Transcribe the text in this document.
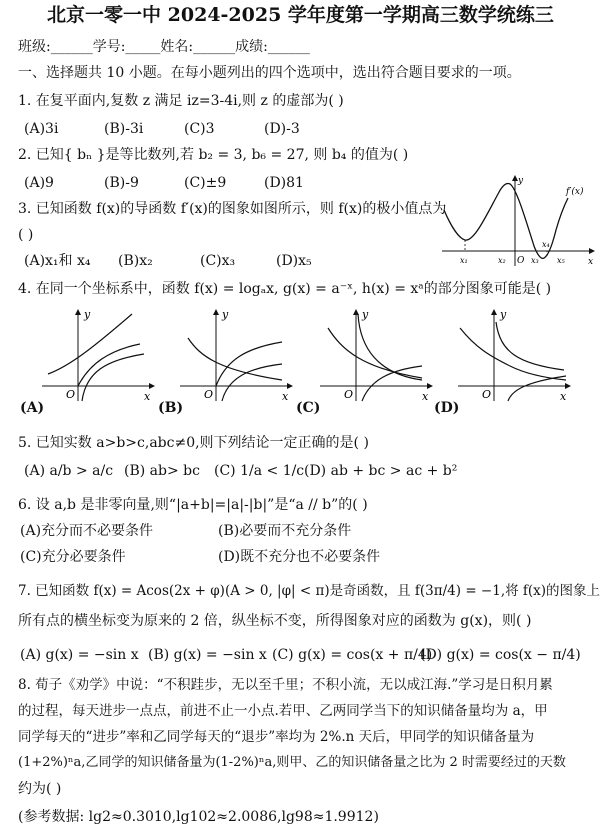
北京一零一中 2024-2025 学年度第一学期高三数学统练三
班级:______学号:_____姓名:______成绩:______
一、选择题共 10 小题。在每小题列出的四个选项中，选出符合题目要求的一项。
1. 在复平面内,复数 z 满足 iz=3-4i,则 z 的虚部为( )
(A)3i	(B)-3i	(C)3	(D)-3
2. 已知{ bₙ }是等比数列,若 b₂ = 3, b₆ = 27, 则 b₄ 的值为( )
(A)9	(B)-9	(C)±9	(D)81
3. 已知函数 f(x)的导函数 f′(x)的图象如图所示，则 f(x)的极小值点为
( )
(A)x₁和 x₄ (B)x₂	(C)x₃	(D)x₅
f′(x)
y
x
O
x₁	x₂	x₃
x₄
x₅
4. 在同一个坐标系中，函数 f(x) = logₐx, g(x) = a⁻ˣ, h(x) = xᵃ的部分图象可能是( )
y
x
O
(A)
y
x
O
(B)
y
x
O
(C)
y
x
O
(D)
5. 已知实数 a>b>c,abc≠0,则下列结论一定正确的是( )
(A) a/b > a/c (B) ab> bc (C) 1/a < 1/c (D) ab + bc > ac + b²
6. 设 a,b 是非零向量,则“|a+b|=|a|-|b|”是“a // b”的( )
(A)充分而不必要条件	(B)必要而不充分条件
(C)充分必要条件	(D)既不充分也不必要条件
7. 已知函数 f(x) = Acos(2x + φ)(A > 0, |φ| < π)是奇函数，且 f(3π/4) = −1,将 f(x)的图象上
所有点的横坐标变为原来的 2 倍，纵坐标不变，所得图象对应的函数为 g(x)，则( )
(A) g(x) = −sin x (B) g(x) = −sin x (C) g(x) = cos(x + π/4)
(D) g(x) = cos(x − π/4)
8. 荀子《劝学》中说：“不积跬步，无以至千里；不积小流，无以成江海.”学习是日积月累
的过程，每天进步一点点，前进不止一小点.若甲、乙两同学当下的知识储备量均为 a，甲
同学每天的“进步”率和乙同学每天的“退步”率均为 2%.n 天后，甲同学的知识储备量为
(1+2%)ⁿa,乙同学的知识储备量为(1-2%)ⁿa,则甲、乙的知识储备量之比为 2 时需要经过的天数
约为( )
(参考数据: lg2≈0.3010,lg102≈2.0086,lg98≈1.9912)
